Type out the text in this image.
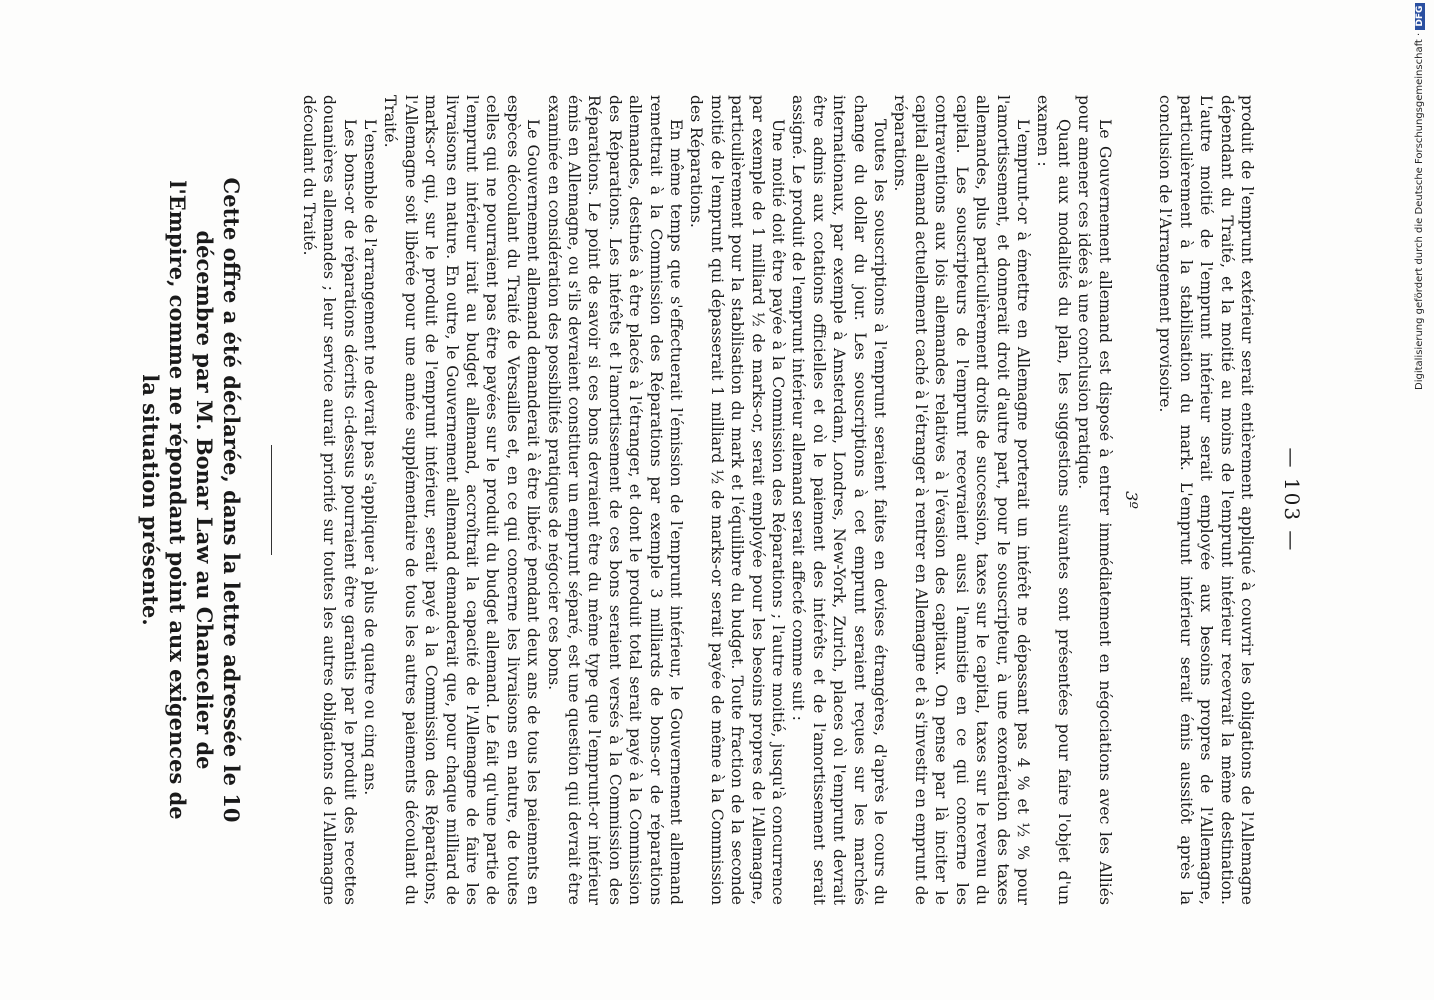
— 103 —

produit de l'emprunt extérieur serait entièrement appliqué à couvrir les obligations de l'Allemagne dépendant du Traité, et la moitié au moins de l'emprunt intérieur recevrait la même destination. L'autre moitié de l'emprunt intérieur serait employée aux besoins propres de l'Allemagne, particulièrement à la stabilisation du mark. L'emprunt intérieur serait émis aussitôt après la conclusion de l'Arrangement provisoire.

3º

Le Gouvernement allemand est disposé à entrer immédiatement en négociations avec les Alliés pour amener ces idées à une conclusion pratique.

Quant aux modalités du plan, les suggestions suivantes sont présentées pour faire l'objet d'un examen :

L'emprunt-or à émettre en Allemagne porterait un intérêt ne dépassant pas 4 % et ½ % pour l'amortissement, et donnerait droit d'autre part, pour le souscripteur, à une exonération des taxes allemandes, plus particulièrement droits de succession, taxes sur le capital, taxes sur le revenu du capital. Les souscripteurs de l'emprunt recevraient aussi l'amnistie en ce qui concerne les contraventions aux lois allemandes relatives à l'évasion des capitaux. On pense par là inciter le capital allemand actuellement caché à l'étranger à rentrer en Allemagne et à s'investir en emprunt de réparations.

Toutes les souscriptions à l'emprunt seraient faites en devises étrangères, d'après le cours du change du dollar du jour. Les souscriptions à cet emprunt seraient reçues sur les marchés internationaux, par exemple à Amsterdam, Londres, New-York, Zurich, places où l'emprunt devrait être admis aux cotations officielles et où le paiement des intérêts et de l'amortissement serait assigné. Le produit de l'emprunt intérieur allemand serait affecté comme suit :

Une moitié doit être payée à la Commission des Réparations ; l'autre moitié, jusqu'à concurrence par exemple de 1 milliard ½ de marks-or, serait employée pour les besoins propres de l'Allemagne, particulièrement pour la stabilisation du mark et l'équilibre du budget. Toute fraction de la seconde moitié de l'emprunt qui dépasserait 1 milliard ½ de marks-or serait payée de même à la Commission des Réparations.

En même temps que s'effectuerait l'émission de l'emprunt intérieur, le Gouvernement allemand remettrait à la Commission des Réparations par exemple 3 milliards de bons-or de réparations allemandes, destinés à être placés à l'étranger, et dont le produit total serait payé à la Commission des Réparations. Les intérêts et l'amortissement de ces bons seraient versés à la Commission des Réparations. Le point de savoir si ces bons devraient être du même type que l'emprunt-or intérieur émis en Allemagne, ou s'ils devraient constituer un emprunt séparé, est une question qui devrait être examinée en considération des possibilités pratiques de négocier ces bons.

Le Gouvernement allemand demanderait à être libéré pendant deux ans de tous les paiements en espèces découlant du Traité de Versailles et, en ce qui concerne les livraisons en nature, de toutes celles qui ne pourraient pas être payées sur le produit du budget allemand. Le fait qu'une partie de l'emprunt intérieur irait au budget allemand, accroîtrait la capacité de l'Allemagne de faire les livraisons en nature. En outre, le Gouvernement allemand demanderait que, pour chaque milliard de marks-or qui, sur le produit de l'emprunt intérieur, serait payé à la Commission des Réparations, l'Allemagne soit libérée pour une année supplémentaire de tous les autres paiements découlant du Traité.

L'ensemble de l'arrangement ne devrait pas s'appliquer à plus de quatre ou cinq ans.

Les bons-or de réparations décrits ci-dessus pourraient être garantis par le produit des recettes douanières allemandes ; leur service aurait priorité sur toutes les autres obligations de l'Allemagne découlant du Traité.

Cette offre a été déclarée, dans la lettre adressée le 10 décembre par M. Bonar Law au Chancelier de l'Empire, comme ne répondant point aux exigences de la situation présente.
Digitalisierung gefördert durch die Deutsche Forschungsgemeinschaft · DFG
